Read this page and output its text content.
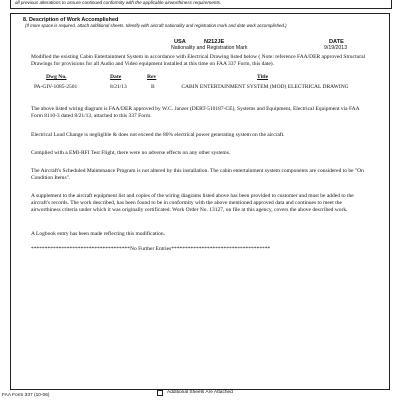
all previous alterations to assure continued conformity with the applicable airworthiness requirements.
8. Description of Work Accomplished
(If more space is required, attach additional sheets. Identify with aircraft nationality and registration mark and date work accomplished.)
USA	N212JE	DATE
Nationality and Registration Mark	9/19/2013

Modified the existing Cabin Entertainment System in accordance with Electrical Drawing listed below ( Note: reference FAA/DER approved Structural Drawings for provisions for all Audio and Video equipment installed at this time on FAA 337 Form, this date).

Dwg No.	Date	Rev	Title
PA-GIV-1085-2501	8/21/13	B	CABIN ENTERTAINMENT SYSTEM (MOD) ELECTRICAL DRAWING

The above listed wiring diagram is FAA/DER approved by W.C. Janzer (DERT-510187-CE), Systems and Equipment, Electrical Equipment via FAA Form 8110-3 dated 8/21/13, attached to this 337 Form.

Electrical Load Change is negligible & does not exceed the 80% electrical power generating system on the aircraft.

Complied with a EMI-RFI Test Flight, there were no adverse effects on any other systems.

The Aircraft's Scheduled Maintenance Program is not altered by this installation. The cabin entertainment system components are considered to be "On Condition Items".

A supplement to the aircraft equipment list and copies of the wiring diagrams listed above has been provided to customer and must be added to the aircraft's records. The work described, has been found to be in conformity with the above mentioned approved data and continues to meet the airworthiness criteria under which it was originally certificated. Work Order No. 13127, on file at this agency, covers the above described work.

A Logbook entry has been made reflecting this modification.

************************************No Further Entries************************************

Additional Sheets Are Attached
FAA Form 337 (10-06)
